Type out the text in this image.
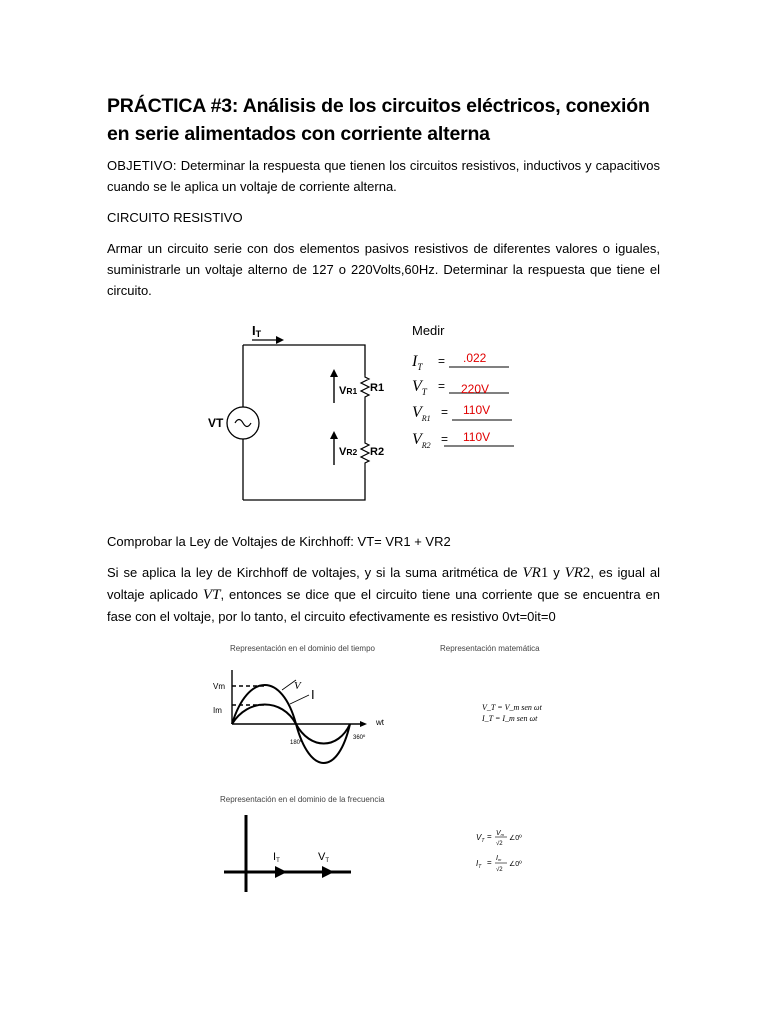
PRÁCTICA #3: Análisis de los circuitos eléctricos, conexión en serie alimentados con corriente alterna
OBJETIVO: Determinar la respuesta que tienen los circuitos resistivos, inductivos y capacitivos cuando se le aplica un voltaje de corriente alterna.
CIRCUITO RESISTIVO
Armar un circuito serie con dos elementos pasivos resistivos de diferentes valores o iguales, suministrarle un voltaje alterno de 127 o 220Volts,60Hz. Determinar la respuesta que tiene el circuito.
VT
IT
VR1 R1
VR2 R2
Medir
$I_T = .022$
$V_T = 220V$
$V_{R1} = 110V$
$V_{R2} = 110V$
Comprobar la Ley de Voltajes de Kirchhoff: VT= VR1 + VR2
Si se aplica la ley de Kirchhoff de voltajes, y si la suma aritmética de VR1 y VR2, es igual al voltaje aplicado VT, entonces se dice que el circuito tiene una corriente que se encuentra en fase con el voltaje, por lo tanto, el circuito efectivamente es resistivo 0vt=0it=0
Representación en el dominio del tiempo
Vm
Im
V
I
wt
180º
360º
Representación matemática
V_T = V_m sen ωt
I_T = I_m sen ωt
Representación en el dominio de la frecuencia
IT	VT
$V_T = Vm$
√2
∠0º
$I_T = Im$
√2
∠0º
